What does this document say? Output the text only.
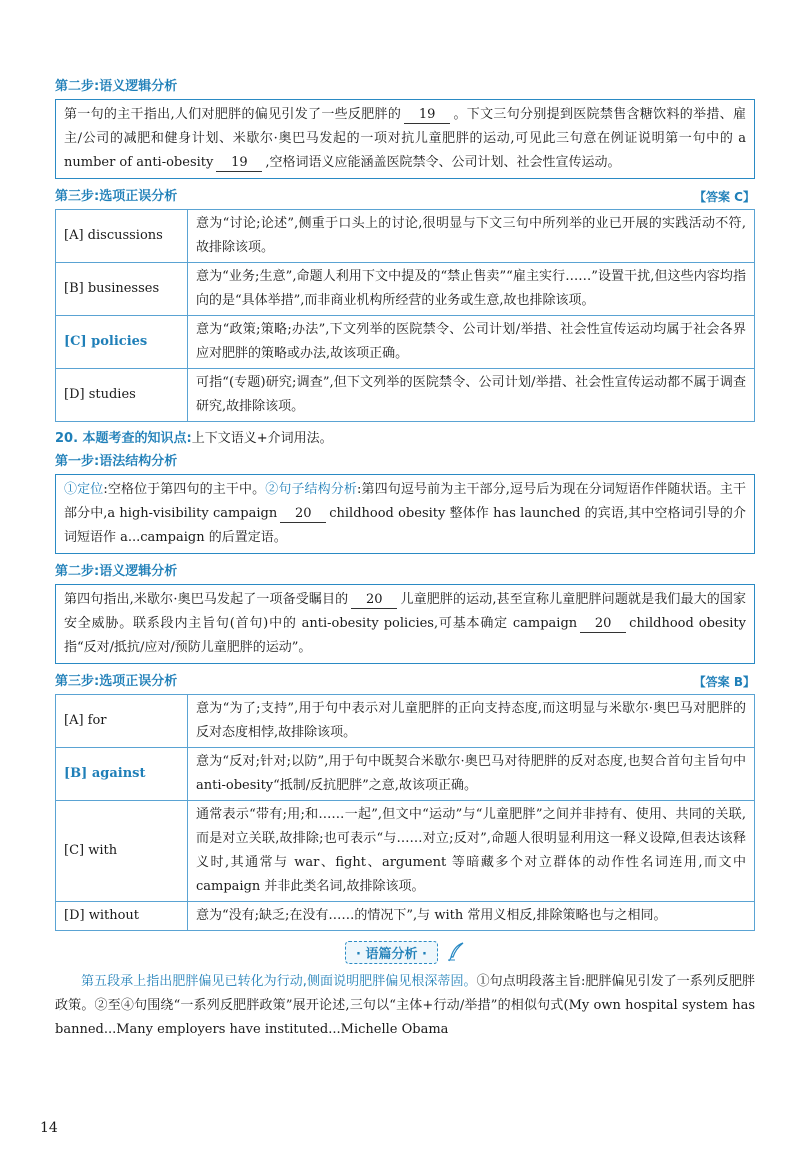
第二步:语义逻辑分析
第一句的主干指出,人们对肥胖的偏见引发了一些反肥胖的 19 。下文三句分别提到医院禁售含糖饮料的举措、雇主/公司的减肥和健身计划、米歇尔·奥巴马发起的一项对抗儿童肥胖的运动,可见此三句意在例证说明第一句中的 a number of anti-obesity 19 ,空格词语义应能涵盖医院禁令、公司计划、社会性宣传运动。
第三步:选项正误分析	【答案 C】
[A] discussions	意为“讨论;论述”,侧重于口头上的讨论,很明显与下文三句中所列举的业已开展的实践活动不符,故排除该项。
[B] businesses	意为“业务;生意”,命题人利用下文中提及的“禁止售卖”“雇主实行……”设置干扰,但这些内容均指向的是“具体举措”,而非商业机构所经营的业务或生意,故也排除该项。
[C] policies	意为“政策;策略;办法”,下文列举的医院禁令、公司计划/举措、社会性宣传运动均属于社会各界应对肥胖的策略或办法,故该项正确。
[D] studies	可指“(专题)研究;调查”,但下文列举的医院禁令、公司计划/举措、社会性宣传运动都不属于调查研究,故排除该项。
20. 本题考查的知识点:上下文语义+介词用法。
第一步:语法结构分析
①定位:空格位于第四句的主干中。②句子结构分析:第四句逗号前为主干部分,逗号后为现在分词短语作伴随状语。主干部分中,a high-visibility campaign 20 childhood obesity 整体作 has launched 的宾语,其中空格词引导的介词短语作 a...campaign 的后置定语。
第二步:语义逻辑分析
第四句指出,米歇尔·奥巴马发起了一项备受瞩目的 20 儿童肥胖的运动,甚至宣称儿童肥胖问题就是我们最大的国家安全威胁。联系段内主旨句(首句)中的 anti-obesity policies,可基本确定 campaign 20 childhood obesity 指“反对/抵抗/应对/预防儿童肥胖的运动”。
第三步:选项正误分析	【答案 B】
[A] for	意为“为了;支持”,用于句中表示对儿童肥胖的正向支持态度,而这明显与米歇尔·奥巴马对肥胖的反对态度相悖,故排除该项。
[B] against	意为“反对;针对;以防”,用于句中既契合米歇尔·奥巴马对待肥胖的反对态度,也契合首句主旨句中 anti-obesity“抵制/反抗肥胖”之意,故该项正确。
[C] with	通常表示“带有;用;和……一起”,但文中“运动”与“儿童肥胖”之间并非持有、使用、共同的关联,而是对立关联,故排除;也可表示“与……对立;反对”,命题人很明显利用这一释义设障,但表达该释义时,其通常与 war、fight、argument 等暗藏多个对立群体的动作性名词连用,而文中 campaign 并非此类名词,故排除该项。
[D] without	意为“没有;缺乏;在没有……的情况下”,与 with 常用义相反,排除策略也与之相同。
· 语篇分析 ·
第五段承上指出肥胖偏见已转化为行动,侧面说明肥胖偏见根深蒂固。①句点明段落主旨:肥胖偏见引发了一系列反肥胖政策。②至④句围绕“一系列反肥胖政策”展开论述,三句以“主体+行动/举措”的相似句式(My own hospital system has banned...Many employers have instituted...Michelle Obama
14
